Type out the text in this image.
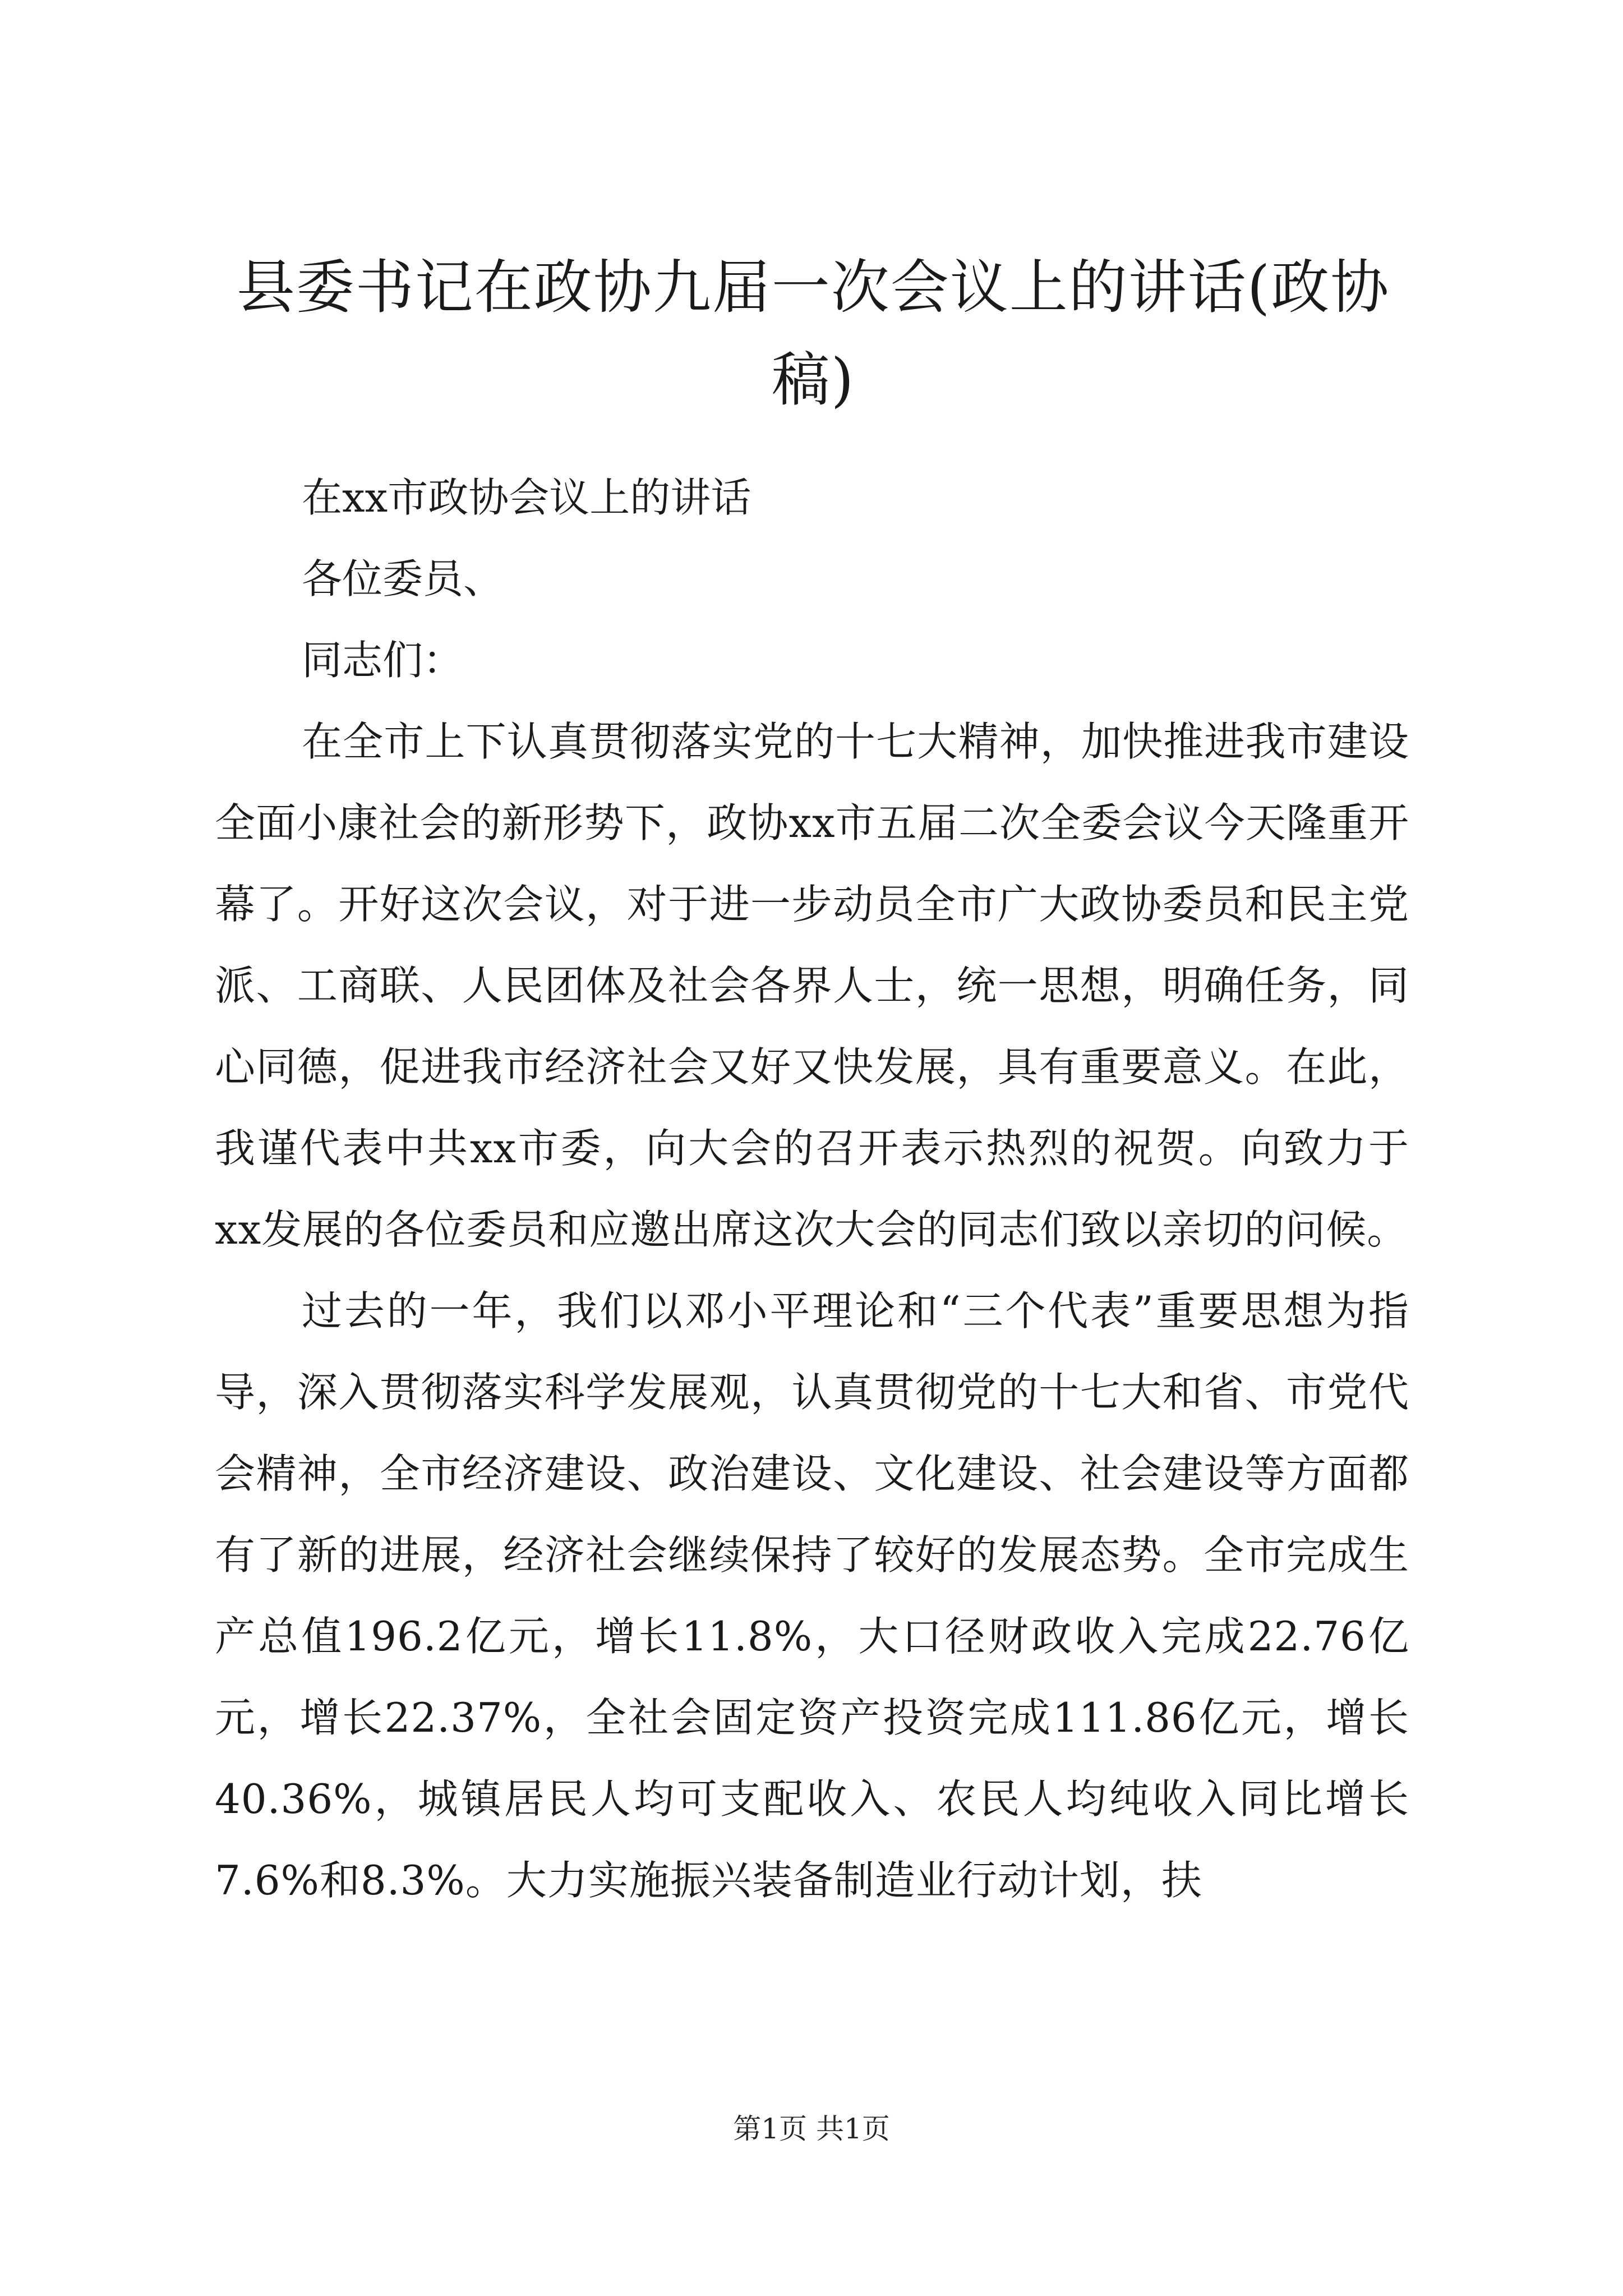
县委书记在政协九届一次会议上的讲话(政协稿)

在xx市政协会议上的讲话

各位委员、

同志们：

在全市上下认真贯彻落实党的十七大精神，加快推进我市建设全面小康社会的新形势下，政协xx市五届二次全委会议今天隆重开幕了。开好这次会议，对于进一步动员全市广大政协委员和民主党派、工商联、人民团体及社会各界人士，统一思想，明确任务，同心同德，促进我市经济社会又好又快发展，具有重要意义。在此，我谨代表中共xx市委，向大会的召开表示热烈的祝贺。向致力于xx发展的各位委员和应邀出席这次大会的同志们致以亲切的问候。

过去的一年，我们以邓小平理论和“三个代表”重要思想为指导，深入贯彻落实科学发展观，认真贯彻党的十七大和省、市党代会精神，全市经济建设、政治建设、文化建设、社会建设等方面都有了新的进展，经济社会继续保持了较好的发展态势。全市完成生产总值196.2亿元，增长11.8%，大口径财政收入完成22.76亿元，增长22.37%，全社会固定资产投资完成111.86亿元，增长40.36%，城镇居民人均可支配收入、农民人均纯收入同比增长7.6%和8.3%。大力实施振兴装备制造业行动计划，扶

第1页 共1页
